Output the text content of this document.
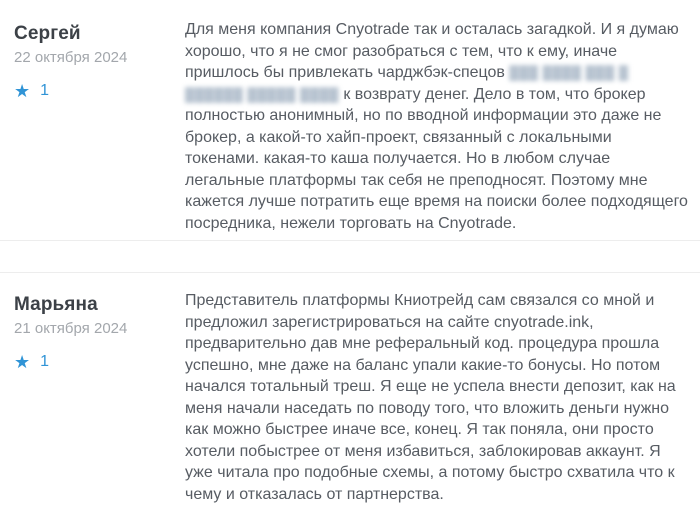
Сергей
22 октября 2024
★ 1
Для меня компания Cnyotrade так и осталась загадкой. И я думаю хорошо, что я не смог разобраться с тем, что к ему, иначе пришлось бы привлекать чарджбэк-спецов ███ ████ ███ █ ██████ █████ ████ к возврату денег. Дело в том, что брокер полностью анонимный, но по вводной информации это даже не брокер, а какой-то хайп-проект, связанный с локальными токенами. какая-то каша получается. Но в любом случае легальные платформы так себя не преподносят. Поэтому мне кажется лучше потратить еще время на поиски более подходящего посредника, нежели торговать на Cnyotrade.
Марьяна
21 октября 2024
★ 1
Представитель платформы Книотрейд сам связался со мной и предложил зарегистрироваться на сайте cnyotrade.ink, предварительно дав мне реферальный код. процедура прошла успешно, мне даже на баланс упали какие-то бонусы. Но потом начался тотальный треш. Я еще не успела внести депозит, как на меня начали наседать по поводу того, что вложить деньги нужно как можно быстрее иначе все, конец. Я так поняла, они просто хотели побыстрее от меня избавиться, заблокировав аккаунт. Я уже читала про подобные схемы, а потому быстро схватила что к чему и отказалась от партнерства.
